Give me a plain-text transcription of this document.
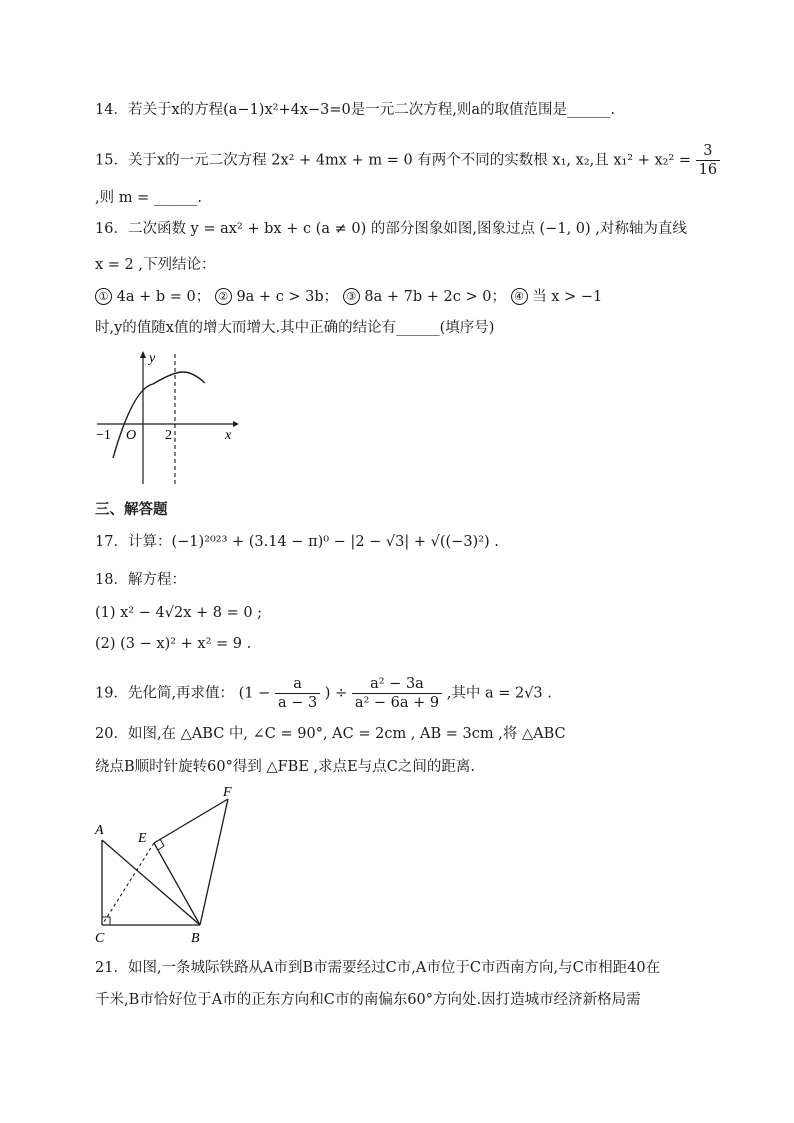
14．若关于x的方程(a−1)x²+4x−3=0是一元二次方程,则a的取值范围是______.
15．关于x的一元二次方程 2x² + 4mx + m = 0 有两个不同的实数根 x₁, x₂,且 $x_1^2 + x_2^2 = \frac{3}{16}$
,则 m = ______.
16．二次函数 y = ax² + bx + c (a ≠ 0) 的部分图象如图,图象过点 (−1, 0) ,对称轴为直线
x = 2 ,下列结论：
① 4a + b = 0； ② 9a + c > 3b； ③ 8a + 7b + 2c > 0； ④ 当 x > −1
时,y的值随x值的增大而增大.其中正确的结论有______(填序号)
y
x
O
−1	2
三、解答题
17．计算：(−1)²⁰²³ + (3.14 − π)⁰ − |2 − √3| + √((−3)²) .
18．解方程：
(1) x² − 4√2x + 8 = 0 ;
(2) (3 − x)² + x² = 9 .
19．先化简,再求值： ($1 - \frac{a}{a - 3}$ ) ÷ $\frac{\text{a² − 3a}}{\text{a² − 6a + 9}}$ ,其中 a = 2√3 .
20．如图,在 △ABC 中, ∠C = 90°, AC = 2cm , AB = 3cm ,将 △ABC
绕点B顺时针旋转60°得到 △FBE ,求点E与点C之间的距离.
A
C	B
E
F
21．如图,一条城际铁路从A市到B市需要经过C市,A市位于C市西南方向,与C市相距40在
千米,B市恰好位于A市的正东方向和C市的南偏东60°方向处.因打造城市经济新格局需
